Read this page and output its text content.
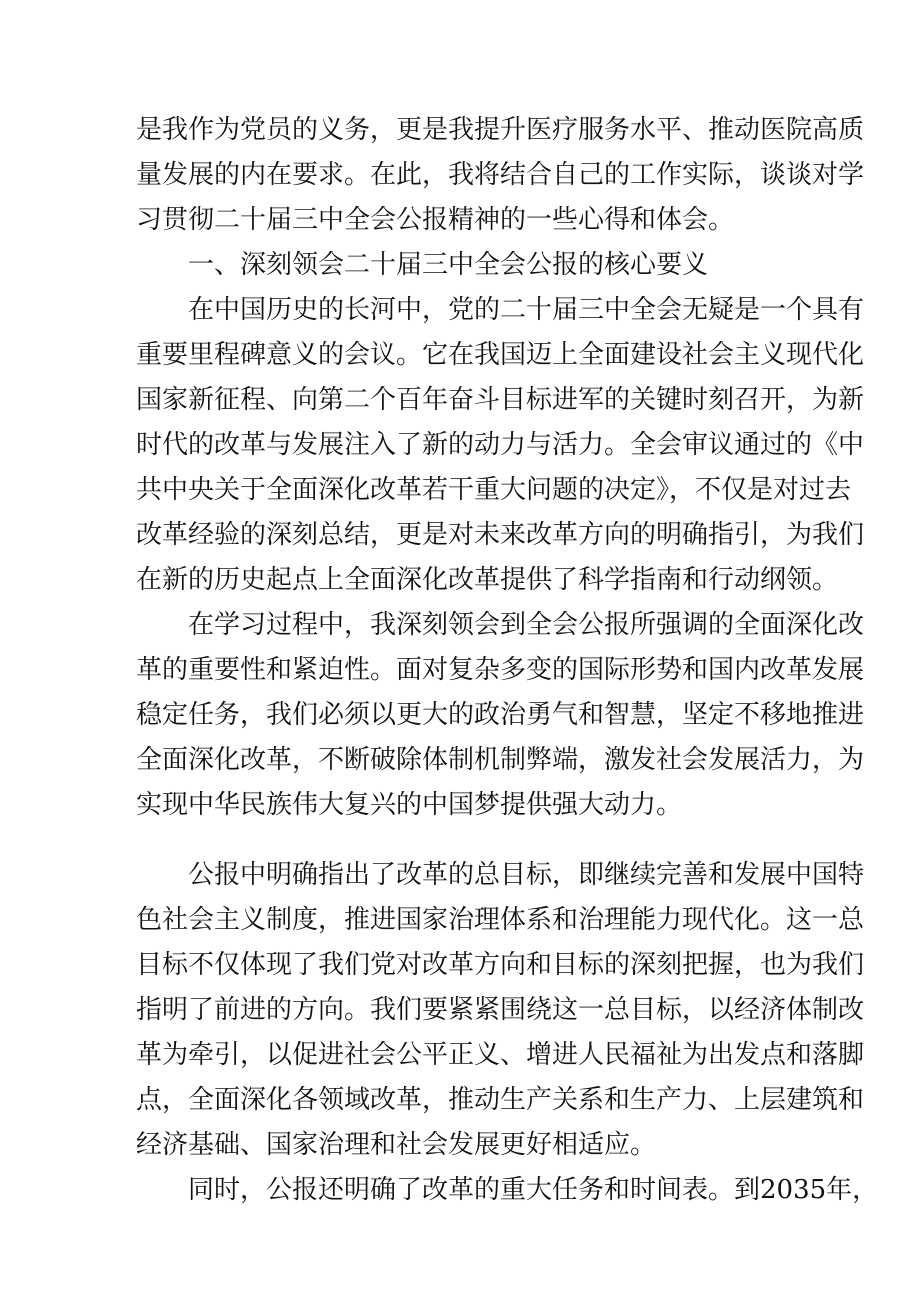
是我作为党员的义务，更是我提升医疗服务水平、推动医院高质
量发展的内在要求。在此，我将结合自己的工作实际，谈谈对学
习贯彻二十届三中全会公报精神的一些心得和体会。
一、深刻领会二十届三中全会公报的核心要义
在中国历史的长河中，党的二十届三中全会无疑是一个具有
重要里程碑意义的会议。它在我国迈上全面建设社会主义现代化
国家新征程、向第二个百年奋斗目标进军的关键时刻召开，为新
时代的改革与发展注入了新的动力与活力。全会审议通过的《中
共中央关于全面深化改革若干重大问题的决定》，不仅是对过去
改革经验的深刻总结，更是对未来改革方向的明确指引，为我们
在新的历史起点上全面深化改革提供了科学指南和行动纲领。
在学习过程中，我深刻领会到全会公报所强调的全面深化改
革的重要性和紧迫性。面对复杂多变的国际形势和国内改革发展
稳定任务，我们必须以更大的政治勇气和智慧，坚定不移地推进
全面深化改革，不断破除体制机制弊端，激发社会发展活力，为
实现中华民族伟大复兴的中国梦提供强大动力。
公报中明确指出了改革的总目标，即继续完善和发展中国特
色社会主义制度，推进国家治理体系和治理能力现代化。这一总
目标不仅体现了我们党对改革方向和目标的深刻把握，也为我们
指明了前进的方向。我们要紧紧围绕这一总目标，以经济体制改
革为牵引，以促进社会公平正义、增进人民福祉为出发点和落脚
点，全面深化各领域改革，推动生产关系和生产力、上层建筑和
经济基础、国家治理和社会发展更好相适应。
同时，公报还明确了改革的重大任务和时间表。到2035年，
